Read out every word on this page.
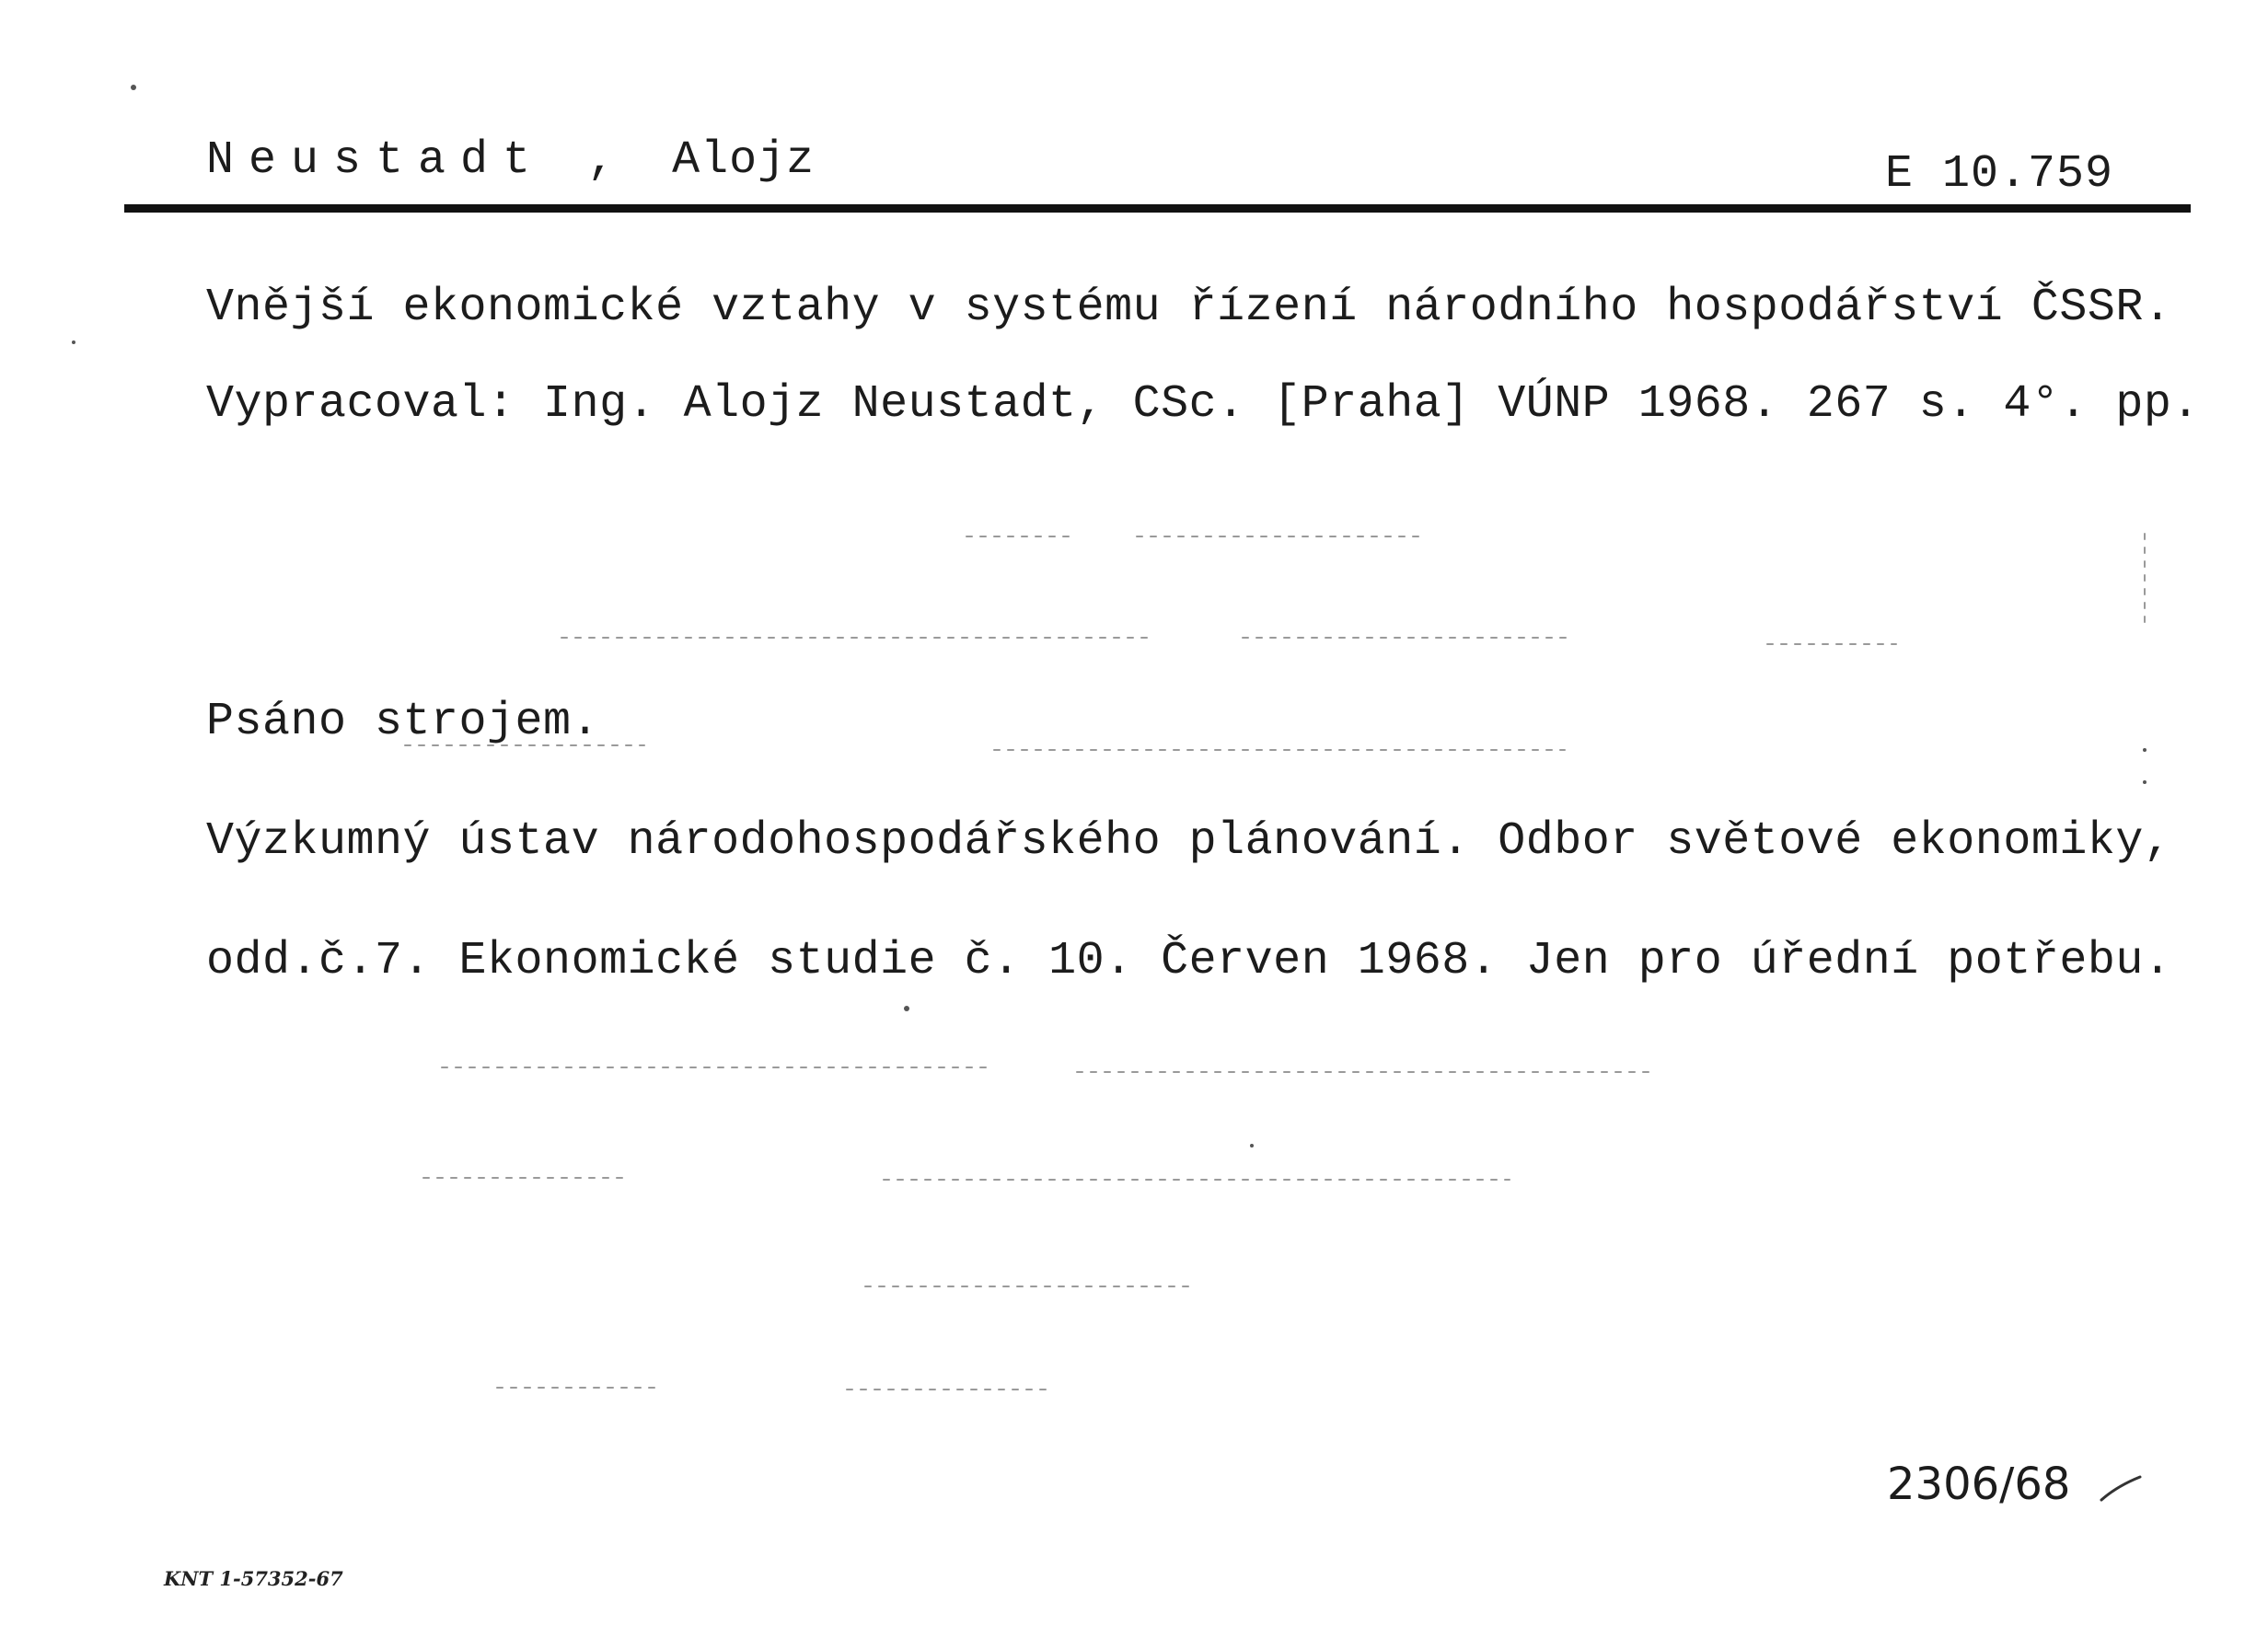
Neustadt , Alojz	E 10.759
Vnější ekonomické vztahy v systému řízení národního hospodářství ČSSR.
Vypracoval: Ing. Alojz Neustadt, CSc. [Praha] VÚNP 1968. 267 s. 4°. pp.
Psáno strojem.
Výzkumný ústav národohospodářského plánování. Odbor světové ekonomiky,
odd.č.7. Ekonomické studie č. 10. Červen 1968. Jen pro úřední potřebu.
2306/68
KNT 1-57352-67
